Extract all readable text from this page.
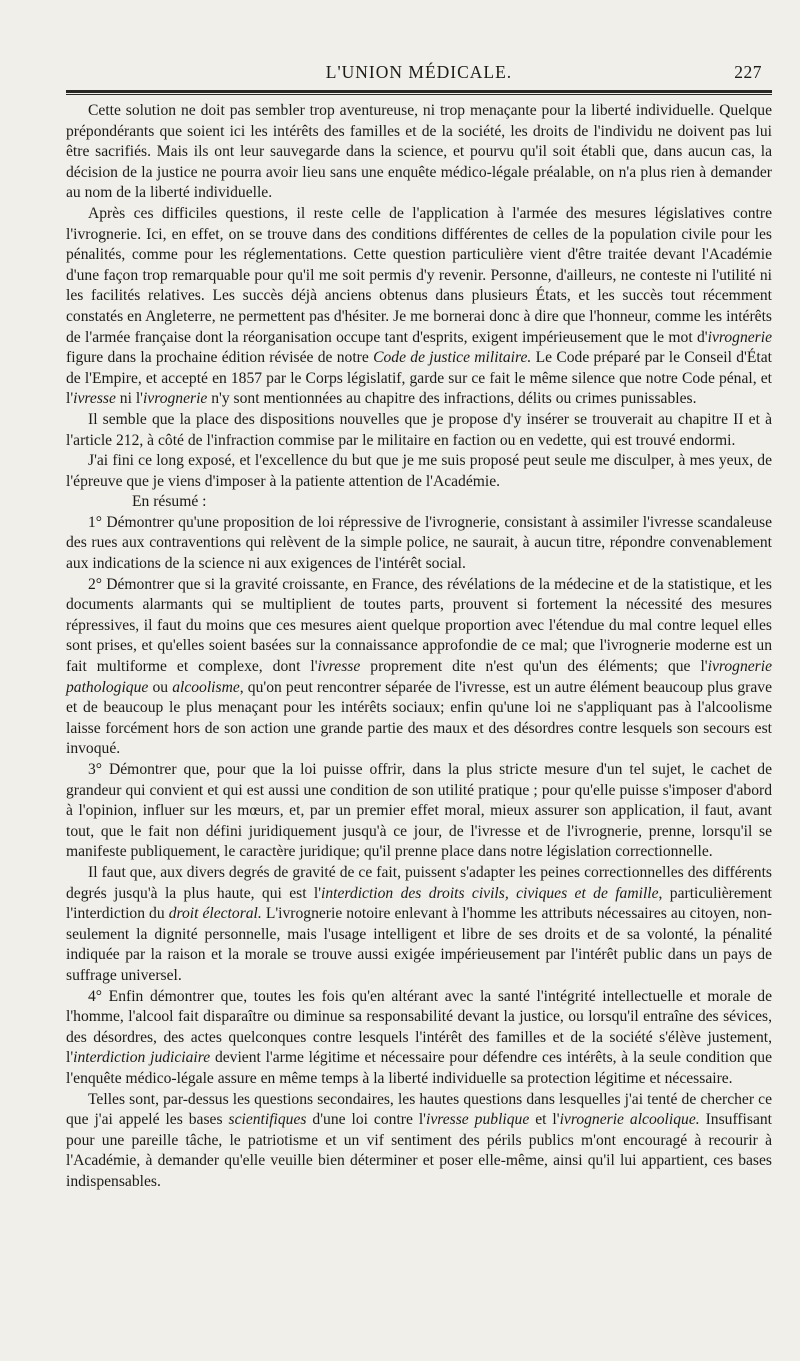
L'UNION MÉDICALE.	227

Cette solution ne doit pas sembler trop aventureuse, ni trop menaçante pour la liberté individuelle. Quelque prépondérants que soient ici les intérêts des familles et de la société, les droits de l'individu ne doivent pas lui être sacrifiés. Mais ils ont leur sauvegarde dans la science, et pourvu qu'il soit établi que, dans aucun cas, la décision de la justice ne pourra avoir lieu sans une enquête médico-légale préalable, on n'a plus rien à demander au nom de la liberté individuelle.

Après ces difficiles questions, il reste celle de l'application à l'armée des mesures législatives contre l'ivrognerie. Ici, en effet, on se trouve dans des conditions différentes de celles de la population civile pour les pénalités, comme pour les réglementations. Cette question particulière vient d'être traitée devant l'Académie d'une façon trop remarquable pour qu'il me soit permis d'y revenir. Personne, d'ailleurs, ne conteste ni l'utilité ni les facilités relatives. Les succès déjà anciens obtenus dans plusieurs États, et les succès tout récemment constatés en Angleterre, ne permettent pas d'hésiter. Je me bornerai donc à dire que l'honneur, comme les intérêts de l'armée française dont la réorganisation occupe tant d'esprits, exigent impérieusement que le mot d'ivrognerie figure dans la prochaine édition révisée de notre Code de justice militaire. Le Code préparé par le Conseil d'État de l'Empire, et accepté en 1857 par le Corps législatif, garde sur ce fait le même silence que notre Code pénal, et l'ivresse ni l'ivrognerie n'y sont mentionnées au chapitre des infractions, délits ou crimes punissables.

Il semble que la place des dispositions nouvelles que je propose d'y insérer se trouverait au chapitre II et à l'article 212, à côté de l'infraction commise par le militaire en faction ou en vedette, qui est trouvé endormi.

J'ai fini ce long exposé, et l'excellence du but que je me suis proposé peut seule me disculper, à mes yeux, de l'épreuve que je viens d'imposer à la patiente attention de l'Académie.

En résumé :

1° Démontrer qu'une proposition de loi répressive de l'ivrognerie, consistant à assimiler l'ivresse scandaleuse des rues aux contraventions qui relèvent de la simple police, ne saurait, à aucun titre, répondre convenablement aux indications de la science ni aux exigences de l'intérêt social.

2° Démontrer que si la gravité croissante, en France, des révélations de la médecine et de la statistique, et les documents alarmants qui se multiplient de toutes parts, prouvent si fortement la nécessité des mesures répressives, il faut du moins que ces mesures aient quelque proportion avec l'étendue du mal contre lequel elles sont prises, et qu'elles soient basées sur la connaissance approfondie de ce mal; que l'ivrognerie moderne est un fait multiforme et complexe, dont l'ivresse proprement dite n'est qu'un des éléments; que l'ivrognerie pathologique ou alcoolisme, qu'on peut rencontrer séparée de l'ivresse, est un autre élément beaucoup plus grave et de beaucoup le plus menaçant pour les intérêts sociaux; enfin qu'une loi ne s'appliquant pas à l'alcoolisme laisse forcément hors de son action une grande partie des maux et des désordres contre lesquels son secours est invoqué.

3° Démontrer que, pour que la loi puisse offrir, dans la plus stricte mesure d'un tel sujet, le cachet de grandeur qui convient et qui est aussi une condition de son utilité pratique ; pour qu'elle puisse s'imposer d'abord à l'opinion, influer sur les mœurs, et, par un premier effet moral, mieux assurer son application, il faut, avant tout, que le fait non défini juridiquement jusqu'à ce jour, de l'ivresse et de l'ivrognerie, prenne, lorsqu'il se manifeste publiquement, le caractère juridique; qu'il prenne place dans notre législation correctionnelle.

Il faut que, aux divers degrés de gravité de ce fait, puissent s'adapter les peines correctionnelles des différents degrés jusqu'à la plus haute, qui est l'interdiction des droits civils, civiques et de famille, particulièrement l'interdiction du droit électoral. L'ivrognerie notoire enlevant à l'homme les attributs nécessaires au citoyen, non-seulement la dignité personnelle, mais l'usage intelligent et libre de ses droits et de sa volonté, la pénalité indiquée par la raison et la morale se trouve aussi exigée impérieusement par l'intérêt public dans un pays de suffrage universel.

4° Enfin démontrer que, toutes les fois qu'en altérant avec la santé l'intégrité intellectuelle et morale de l'homme, l'alcool fait disparaître ou diminue sa responsabilité devant la justice, ou lorsqu'il entraîne des sévices, des désordres, des actes quelconques contre lesquels l'intérêt des familles et de la société s'élève justement, l'interdiction judiciaire devient l'arme légitime et nécessaire pour défendre ces intérêts, à la seule condition que l'enquête médico-légale assure en même temps à la liberté individuelle sa protection légitime et nécessaire.

Telles sont, par-dessus les questions secondaires, les hautes questions dans lesquelles j'ai tenté de chercher ce que j'ai appelé les bases scientifiques d'une loi contre l'ivresse publique et l'ivrognerie alcoolique. Insuffisant pour une pareille tâche, le patriotisme et un vif sentiment des périls publics m'ont encouragé à recourir à l'Académie, à demander qu'elle veuille bien déterminer et poser elle-même, ainsi qu'il lui appartient, ces bases indispensables.
